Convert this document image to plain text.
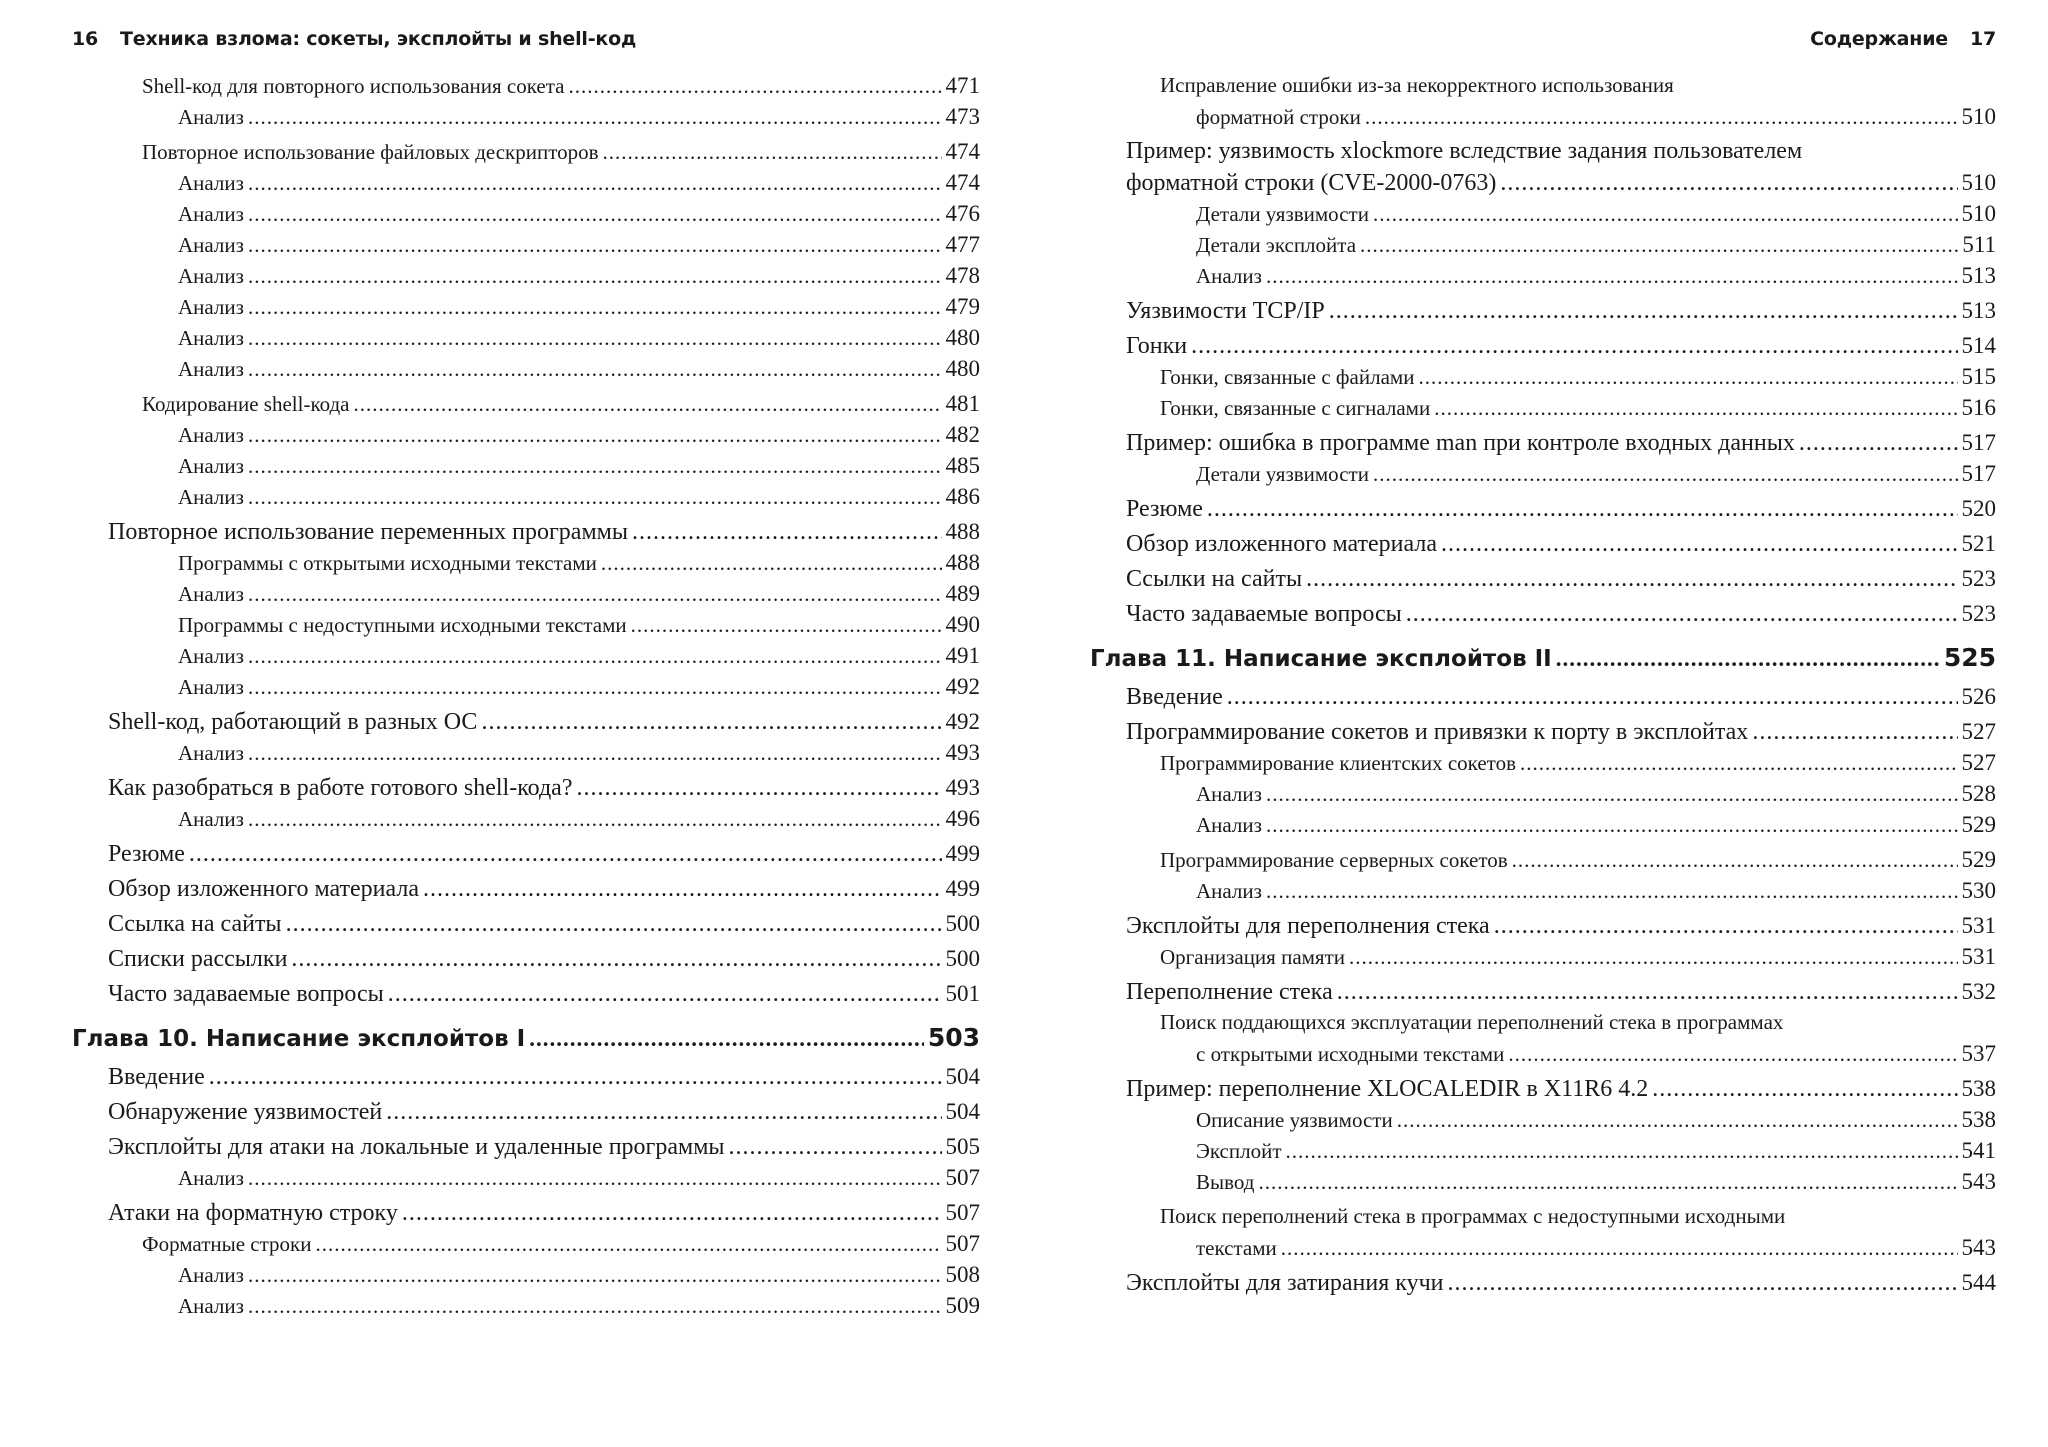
16 Техника взлома: сокеты, эксплойты и shell-код
Shell-код для повторного использования сокета .....	471
Анализ .....	473
Повторное использование файловых дескрипторов .....	474
Анализ .....	474
Анализ .....	476
Анализ .....	477
Анализ .....	478
Анализ .....	479
Анализ .....	480
Анализ .....	480
Кодирование shell-кода .....	481
Анализ .....	482
Анализ .....	485
Анализ .....	486
Повторное использование переменных программы .....	488
Программы с открытыми исходными текстами .....	488
Анализ .....	489
Программы с недоступными исходными текстами .....	490
Анализ .....	491
Анализ .....	492
Shell-код, работающий в разных ОС .....	492
Анализ .....	493
Как разобраться в работе готового shell-кода? .....	493
Анализ .....	496
Резюме .....	499
Обзор изложенного материала .....	499
Ссылка на сайты .....	500
Списки рассылки .....	500
Часто задаваемые вопросы .....	501
Глава 10. Написание эксплойтов I .....	503
Введение .....	504
Обнаружение уязвимостей .....	504
Эксплойты для атаки на локальные и удаленные программы .....	505
Анализ .....	507
Атаки на форматную строку .....	507
Форматные строки .....	507
Анализ .....	508
Анализ .....	509
Содержание 17
Исправление ошибки из-за некорректного использования
форматной строки .....	510
Пример: уязвимость xlockmore вследствие задания пользователем
форматной строки (CVE-2000-0763) .....	510
Детали уязвимости .....	510
Детали эксплойта .....	511
Анализ .....	513
Уязвимости TCP/IP .....	513
Гонки .....	514
Гонки, связанные с файлами .....	515
Гонки, связанные с сигналами .....	516
Пример: ошибка в программе man при контроле входных данных .....	517
Детали уязвимости .....	517
Резюме .....	520
Обзор изложенного материала .....	521
Ссылки на сайты .....	523
Часто задаваемые вопросы .....	523
Глава 11. Написание эксплойтов II .....	525
Введение .....	526
Программирование сокетов и привязки к порту в эксплойтах .....	527
Программирование клиентских сокетов .....	527
Анализ .....	528
Анализ .....	529
Программирование серверных сокетов .....	529
Анализ .....	530
Эксплойты для переполнения стека .....	531
Организация памяти .....	531
Переполнение стека .....	532
Поиск поддающихся эксплуатации переполнений стека в программах
с открытыми исходными текстами .....	537
Пример: переполнение XLOCALEDIR в X11R6 4.2 .....	538
Описание уязвимости .....	538
Эксплойт .....	541
Вывод .....	543
Поиск переполнений стека в программах с недоступными исходными
текстами .....	543
Эксплойты для затирания кучи .....	544
